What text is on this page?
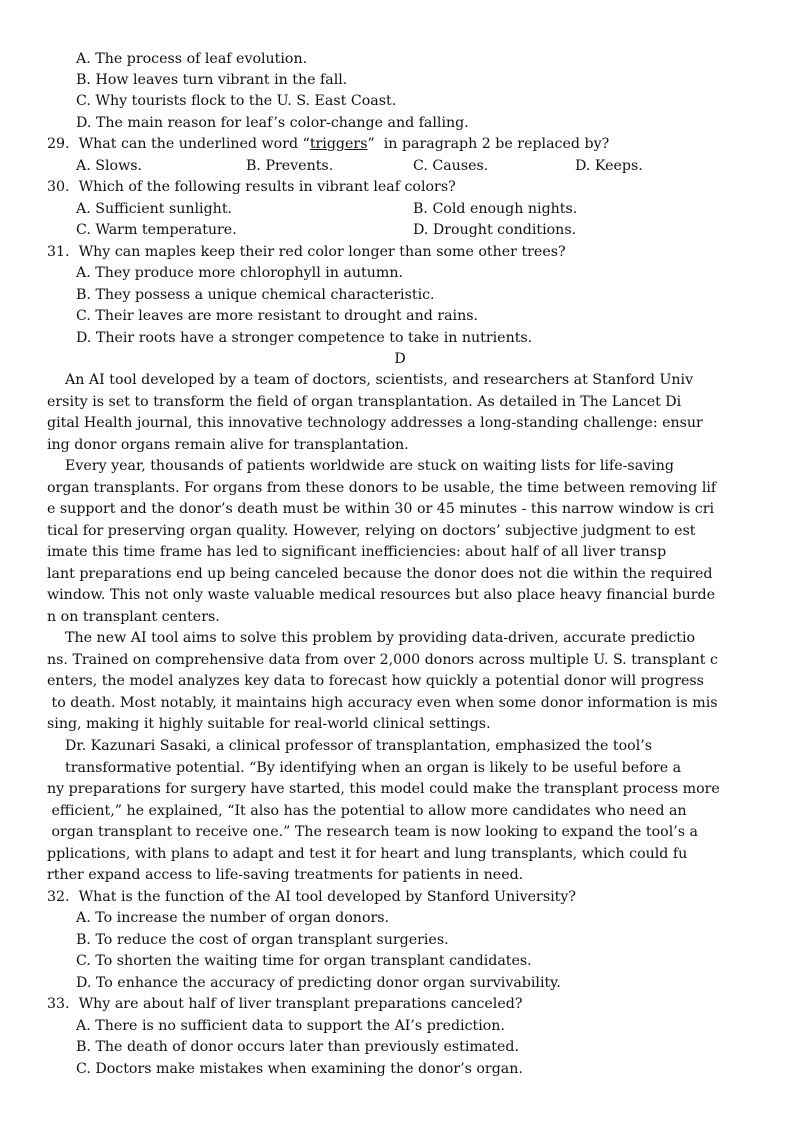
A. The process of leaf evolution.
B. How leaves turn vibrant in the fall.
C. Why tourists flock to the U. S. East Coast.
D. The main reason for leaf’s color-change and falling.
29.  What can the underlined word “triggers”  in paragraph 2 be replaced by?
A. Slows.	B. Prevents.	C. Causes.	D. Keeps.
30.  Which of the following results in vibrant leaf colors?
A. Sufficient sunlight.	B. Cold enough nights.
C. Warm temperature.	D. Drought conditions.
31.  Why can maples keep their red color longer than some other trees?
A. They produce more chlorophyll in autumn.
B. They possess a unique chemical characteristic.
C. Their leaves are more resistant to drought and rains.
D. Their roots have a stronger competence to take in nutrients.
D
An AI tool developed by a team of doctors, scientists, and researchers at Stanford Univ
ersity is set to transform the field of organ transplantation. As detailed in The Lancet Di
gital Health journal, this innovative technology addresses a long-standing challenge: ensur
ing donor organs remain alive for transplantation.
Every year, thousands of patients worldwide are stuck on waiting lists for life-saving
organ transplants. For organs from these donors to be usable, the time between removing lif
e support and the donor’s death must be within 30 or 45 minutes - this narrow window is cri
tical for preserving organ quality. However, relying on doctors’ subjective judgment to est
imate this time frame has led to significant inefficiencies: about half of all liver transp
lant preparations end up being canceled because the donor does not die within the required
window. This not only waste valuable medical resources but also place heavy financial burde
n on transplant centers.
The new AI tool aims to solve this problem by providing data-driven, accurate predictio
ns. Trained on comprehensive data from over 2,000 donors across multiple U. S. transplant c
enters, the model analyzes key data to forecast how quickly a potential donor will progress
to death. Most notably, it maintains high accuracy even when some donor information is mis
sing, making it highly suitable for real-world clinical settings.
Dr. Kazunari Sasaki, a clinical professor of transplantation, emphasized the tool’s
transformative potential. “By identifying when an organ is likely to be useful before a
ny preparations for surgery have started, this model could make the transplant process more
efficient,” he explained, “It also has the potential to allow more candidates who need an
organ transplant to receive one.” The research team is now looking to expand the tool’s a
pplications, with plans to adapt and test it for heart and lung transplants, which could fu
rther expand access to life-saving treatments for patients in need.
32.  What is the function of the AI tool developed by Stanford University?
A. To increase the number of organ donors.
B. To reduce the cost of organ transplant surgeries.
C. To shorten the waiting time for organ transplant candidates.
D. To enhance the accuracy of predicting donor organ survivability.
33.  Why are about half of liver transplant preparations canceled?
A. There is no sufficient data to support the AI’s prediction.
B. The death of donor occurs later than previously estimated.
C. Doctors make mistakes when examining the donor’s organ.
